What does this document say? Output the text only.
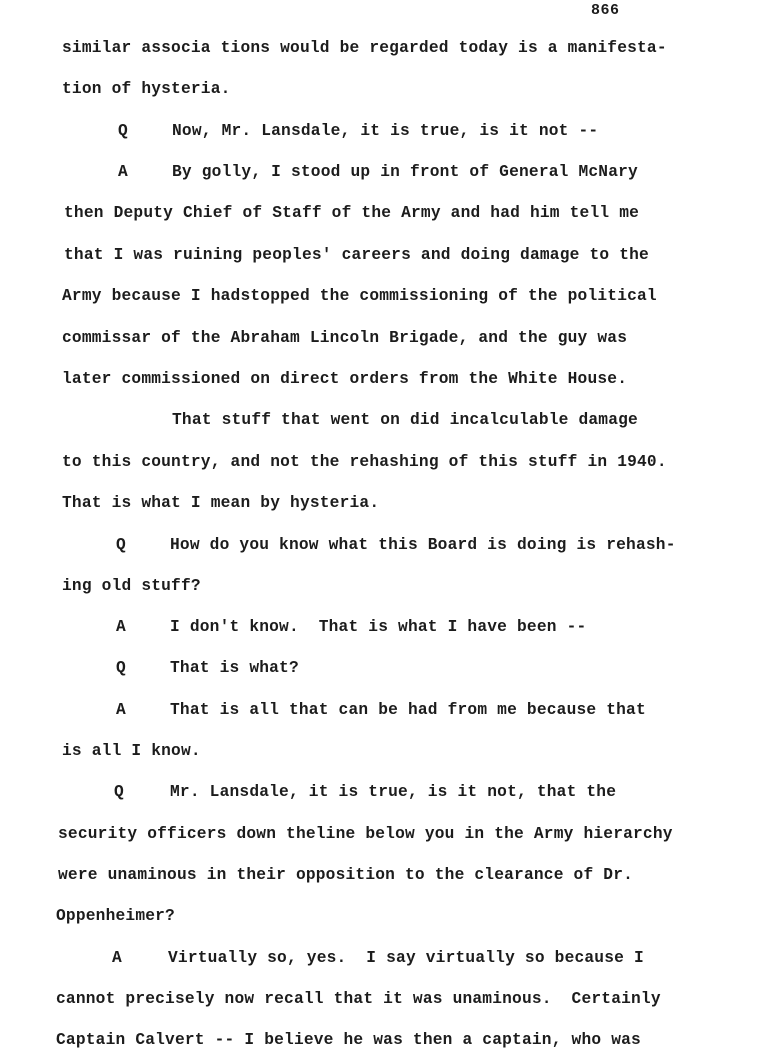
866
Q
A
Q
A
Q
A
Q
A
similar associa tions would be regarded today is a manifesta-
tion of hysteria.
Now, Mr. Lansdale, it is true, is it not --
By golly, I stood up in front of General McNary
then Deputy Chief of Staff of the Army and had him tell me
that I was ruining peoples' careers and doing damage to the
Army because I hadstopped the commissioning of the political
commissar of the Abraham Lincoln Brigade, and the guy was
later commissioned on direct orders from the White House.
That stuff that went on did incalculable damage
to this country, and not the rehashing of this stuff in 1940.
That is what I mean by hysteria.
How do you know what this Board is doing is rehash-
ing old stuff?
I don't know.  That is what I have been --
That is what?
That is all that can be had from me because that
is all I know.
Mr. Lansdale, it is true, is it not, that the
security officers down theline below you in the Army hierarchy
were unaminous in their opposition to the clearance of Dr.
Oppenheimer?
Virtually so, yes.  I say virtually so because I
cannot precisely now recall that it was unaminous.  Certainly
Captain Calvert -- I believe he was then a captain, who was
